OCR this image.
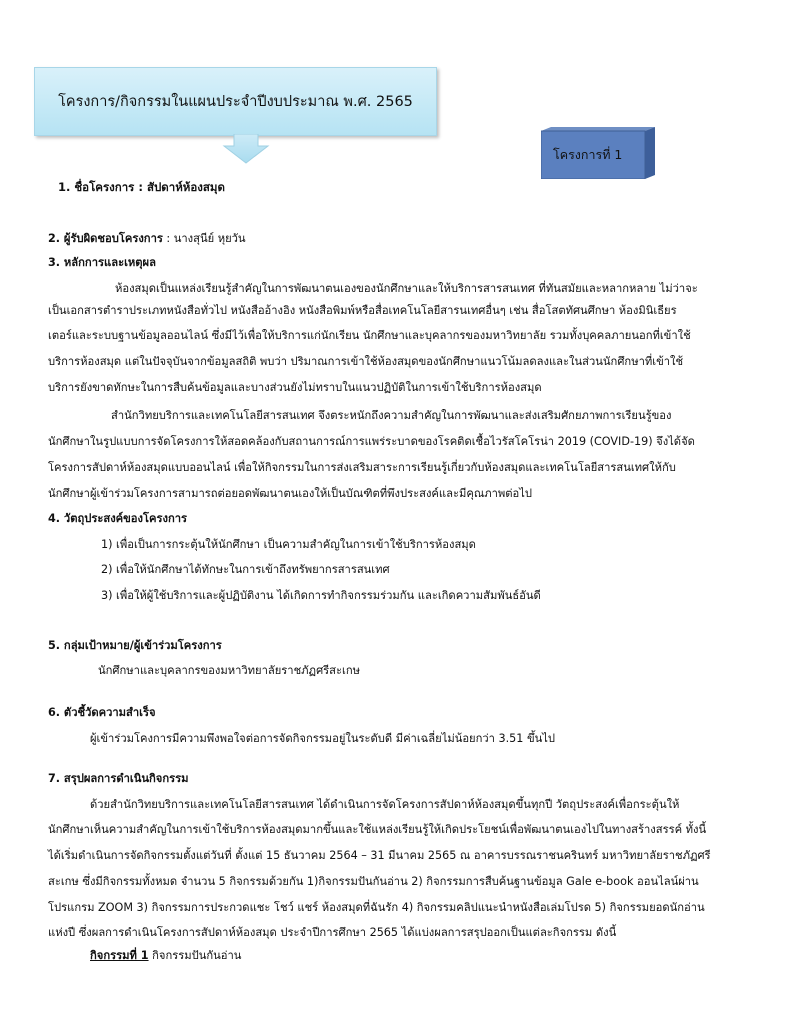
โครงการ/กิจกรรมในแผนประจำปีงบประมาณ พ.ศ. 2565
โครงการที่ 1
1. ชื่อโครงการ : สัปดาห์ห้องสมุด
2. ผู้รับผิดชอบโครงการ : นางสุนีย์ หุยวัน
3. หลักการและเหตุผล
ห้องสมุดเป็นแหล่งเรียนรู้สำคัญในการพัฒนาตนเองของนักศึกษาและให้บริการสารสนเทศ ที่ทันสมัยและหลากหลาย ไม่ว่าจะ
เป็นเอกสารตำราประเภทหนังสือทั่วไป หนังสืออ้างอิง หนังสือพิมพ์หรือสื่อเทคโนโลยีสารนเทศอื่นๆ เช่น สื่อโสตทัศนศึกษา ห้องมินิเธียร
เตอร์และระบบฐานข้อมูลออนไลน์ ซึ่งมีไว้เพื่อให้บริการแก่นักเรียน นักศึกษาและบุคลากรของมหาวิทยาลัย รวมทั้งบุคคลภายนอกที่เข้าใช้
บริการห้องสมุด แต่ในปัจจุบันจากข้อมูลสถิติ พบว่า ปริมาณการเข้าใช้ห้องสมุดของนักศึกษาแนวโน้มลดลงและในส่วนนักศึกษาที่เข้าใช้
บริการยังขาดทักษะในการสืบค้นข้อมูลและบางส่วนยังไม่ทราบในแนวปฏิบัติในการเข้าใช้บริการห้องสมุด
สำนักวิทยบริการและเทคโนโลยีสารสนเทศ จึงตระหนักถึงความสำคัญในการพัฒนาและส่งเสริมศักยภาพการเรียนรู้ของ
นักศึกษาในรูปแบบการจัดโครงการให้สอดคล้องกับสถานการณ์การแพร่ระบาดของโรคติดเชื้อไวรัสโคโรน่า 2019 (COVID-19) จึงได้จัด
โครงการสัปดาห์ห้องสมุดแบบออนไลน์ เพื่อให้กิจกรรมในการส่งเสริมสาระการเรียนรู้เกี่ยวกับห้องสมุดและเทคโนโลยีสารสนเทศให้กับ
นักศึกษาผู้เข้าร่วมโครงการสามารถต่อยอดพัฒนาตนเองให้เป็นบัณฑิตที่พึงประสงค์และมีคุณภาพต่อไป
4. วัตถุประสงค์ของโครงการ
1) เพื่อเป็นการกระตุ้นให้นักศึกษา เป็นความสำคัญในการเข้าใช้บริการห้องสมุด
2) เพื่อให้นักศึกษาได้ทักษะในการเข้าถึงทรัพยากรสารสนเทศ
3) เพื่อให้ผู้ใช้บริการและผู้ปฏิบัติงาน ได้เกิดการทำกิจกรรมร่วมกัน และเกิดความสัมพันธ์อันดี
5. กลุ่มเป้าหมาย/ผู้เข้าร่วมโครงการ
นักศึกษาและบุคลากรของมหาวิทยาลัยราชภัฏศรีสะเกษ
6. ตัวชี้วัดความสำเร็จ
ผู้เข้าร่วมโคงการมีความพึงพอใจต่อการจัดกิจกรรมอยู่ในระดับดี มีค่าเฉลี่ยไม่น้อยกว่า 3.51 ขึ้นไป
7. สรุปผลการดำเนินกิจกรรม
ด้วยสำนักวิทยบริการและเทคโนโลยีสารสนเทศ ได้ดำเนินการจัดโครงการสัปดาห์ห้องสมุดขึ้นทุกปี วัตถุประสงค์เพื่อกระตุ้นให้
นักศึกษาเห็นความสำคัญในการเข้าใช้บริการห้องสมุดมากขึ้นและใช้แหล่งเรียนรู้ให้เกิดประโยชน์เพื่อพัฒนาตนเองไปในทางสร้างสรรค์ ทั้งนี้
ได้เริ่มดำเนินการจัดกิจกรรมตั้งแต่วันที่ ตั้งแต่ 15 ธันวาคม 2564 – 31 มีนาคม 2565 ณ อาคารบรรณราชนครินทร์ มหาวิทยาลัยราชภัฏศรี
สะเกษ ซึ่งมีกิจกรรมทั้งหมด จำนวน 5 กิจกรรมด้วยกัน 1)กิจกรรมปันกันอ่าน 2) กิจกรรมการสืบค้นฐานข้อมูล Gale e-book ออนไลน์ผ่าน
โปรแกรม ZOOM 3) กิจกรรมการประกวดแชะ โชว์ แชร์ ห้องสมุดที่ฉันรัก 4) กิจกรรมคลิปแนะนำหนังสือเล่มโปรด 5) กิจกรรมยอดนักอ่าน
แห่งปี ซึ่งผลการดำเนินโครงการสัปดาห์ห้องสมุด ประจำปีการศึกษา 2565 ได้แบ่งผลการสรุปออกเป็นแต่ละกิจกรรม ดังนี้
กิจกรรมที่ 1 กิจกรรมปันกันอ่าน
